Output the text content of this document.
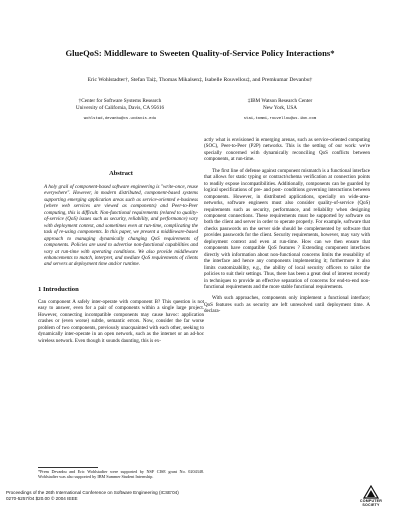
GlueQoS: Middleware to Sweeten Quality-of-Service Policy Interactions*
Eric Wohlstadter†, Stefan Tai‡, Thomas Mikalsen‡, Isabelle Rouvellou‡, and Premkumar Devanbu†
†Center for Software Systems Research
University of California, Davis, CA 95616
wohlstad,devanbu@cs.ucdavis.edu
‡IBM Watson Research Center
New York, USA
stai,tommi,rouvellou@us.ibm.com
Abstract
A holy grail of component-based software engineering is "write-once, reuse everywhere". However, in modern distributed, component-based systems supporting emerging application areas such as service-oriented e-business (where web services are viewed as components) and Peer-to-Peer computing, this is difficult. Non-functional requirements (related to quality-of-service (QoS) issues such as security, reliability, and performance) vary with deployment context, and sometimes even at run-time, complicating the task of re-using components. In this paper, we present a middleware-based approach to managing dynamically changing QoS requirements of components. Policies are used to advertise non-functional capabilities and vary at run-time with operating conditions. We also provide middleware enhancements to match, interpret, and mediate QoS requirements of clients and servers at deployment time and/or runtime.
1 Introduction
Can component A safely inter-operate with component B? This question is not easy to answer, even for a pair of components within a single large project. However, connecting incompatible components may cause havoc: application crashes or (even worse) subtle, semantic errors. Now, consider the far worse problem of two components, previously unacquainted with each other, seeking to dynamically inter-operate in an open network, such as the internet or an ad-hoc wireless network. Even though it sounds daunting, this is ex-
*Prem Devanbu and Eric Wohlstadter were supported by NSF CISE grant No. 0204348. Wohlstadter was also supported by IBM Summer Student Internship.
actly what is envisioned in emerging arenas, such as service-oriented computing (SOC), Peer-to-Peer (P2P) networks. This is the setting of our work: we're specially concerned with dynamically reconciling QoS conflicts between components, at run-time.
The first line of defense against component mismatch is a functional interface that allows for static typing or contract/schema verification at connection points to readily expose incompatibilities. Additionally, components can be guarded by logical specifications of pre- and post- conditions governing interactions between components. However, in distributed applications, specially on wide-area-networks, software engineers must also consider quality-of-service (QoS) requirements such as security, performance, and reliability when designing component connections. These requirements must be supported by software on both the client and server in order to operate properly. For example, software that checks passwords on the server side should be complemented by software that provides passwords for the client. Security requirements, however, may vary with deployment context and even at run-time. How can we then ensure that components have compatible QoS features ? Extending component interfaces directly with information about non-functional concerns limits the reusability of the interface and hence any components implementing it; furthermore it also limits customizability, e.g., the ability of local security officers to tailor the policies to suit their settings. Thus, there has been a great deal of interest recently in techniques to provide an effective separation of concerns for end-to-end non-functional requirements and the more stable functional requirements.
With such approaches, components only implement a functional interface; QoS features such as security are left unresolved until deployment time. A declara-
Proceedings of the 26th International Conference on Software Engineering (ICSE'04)
0270-5257/04 $20.00 © 2004 IEEE	COMPUTER
SOCIETY
